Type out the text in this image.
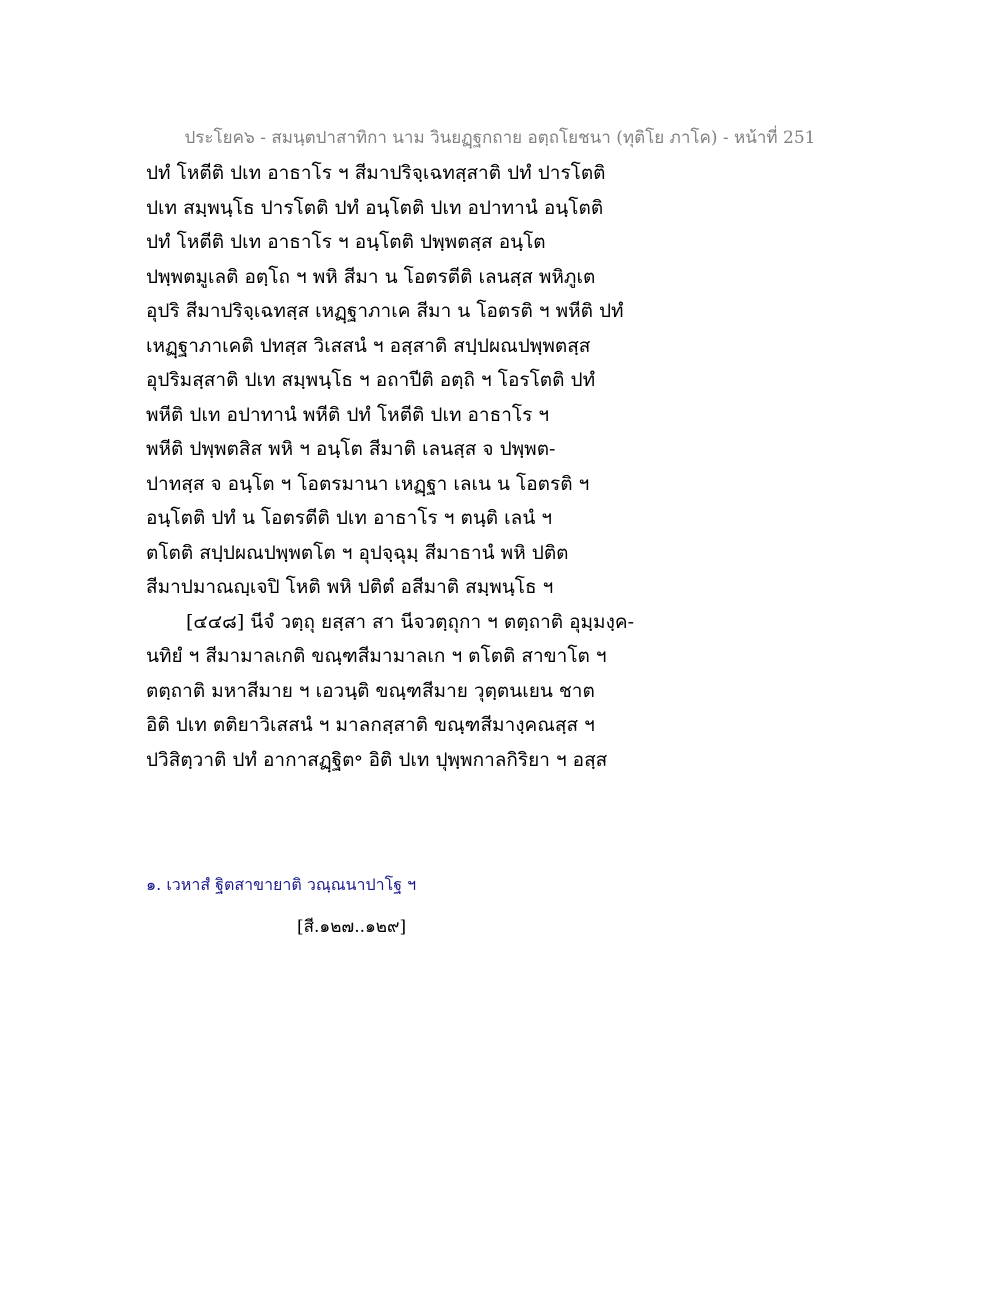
ประโยค๖ - สมนฺตปาสาทิกา นาม วินยฏฺฐกถาย อตฺถโยชนา (ทุติโย ภาโค) - หน้าที่ 251
ปทํ โหตีติ ปเท อาธาโร ฯ สีมาปริจฺเฉทสฺสาติ ปทํ ปารโตติ
ปเท สมฺพนฺโธ ปารโตติ ปทํ อนฺโตติ ปเท อปาทานํ อนฺโตติ
ปทํ โหตีติ ปเท อาธาโร ฯ อนฺโตติ ปพฺพตสฺส อนฺโต
ปพฺพตมูเลติ อตฺโถ ฯ พหิ สีมา น โอตรตีติ เลนสฺส พหิภูเต
อุปริ สีมาปริจฺเฉทสฺส เหฏฺฐาภาเค สีมา น โอตรติ ฯ พหีติ ปทํ
เหฏฺฐาภาเคติ ปทสฺส วิเสสนํ ฯ อสฺสาติ สปฺปผณปพฺพตสฺส
อุปริมสฺสาติ ปเท สมฺพนฺโธ ฯ อถาปีติ อตฺถิ ฯ โอรโตติ ปทํ
พหีติ ปเท อปาทานํ พหีติ ปทํ โหตีติ ปเท อาธาโร ฯ
พหีติ ปพฺพตสิส พหิ ฯ อนฺโต สีมาติ เลนสฺส จ ปพฺพต-
ปาทสฺส จ อนฺโต ฯ โอตรมานา เหฏฺฐา เลเน น โอตรติ ฯ
อนฺโตติ ปทํ น โอตรตีติ ปเท อาธาโร ฯ ตนฺติ เลนํ ฯ
ตโตติ สปฺปผณปพฺพตโต ฯ อุปจฺฉุมฺ สีมาธานํ พหิ ปติต
สีมาปมาณญฺเจปิ โหติ พหิ ปติตํ อสีมาติ สมฺพนฺโธ ฯ
[๔๔๘] นีจํ วตฺถุ ยสฺสา สา นีจวตฺถุกา ฯ ตตฺถาติ อุมฺมงฺค-
นทิยํ ฯ สีมามาลเกติ ขณฺฑสีมามาลเก ฯ ตโตติ สาขาโต ฯ
ตตฺถาติ มหาสีมาย ฯ เอวนฺติ ขณฺฑสีมาย วุตฺตนเยน ชาต
อิติ ปเท ตติยาวิเสสนํ ฯ มาลกสฺสาติ ขณฺฑสีมางฺคณสฺส ฯ
ปวิสิตฺวาติ ปทํ อากาสฏฺฐิต॰ อิติ ปเท ปุพฺพกาลกิริยา ฯ อสฺส
๑. เวหาสํ ฐิตสาขายาติ วณฺณนาปาโฐ ฯ
[สี.๑๒๗..๑๒๙]
